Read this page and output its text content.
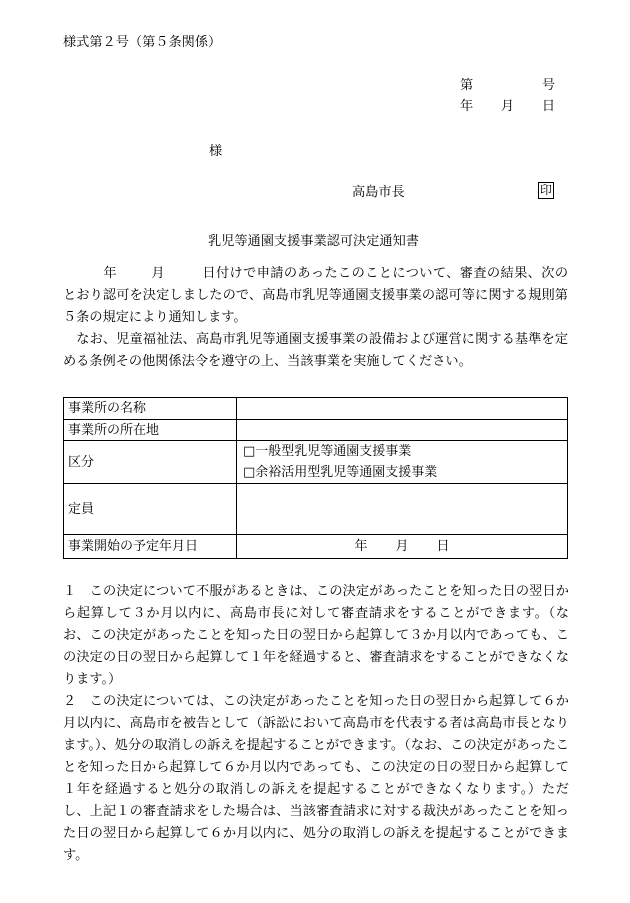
様式第２号（第５条関係）
第	号
年 月 日
様
高島市長	印
乳児等通園支援事業認可決定通知書
年	月	日付けで申請のあったこのことについて、審査の結果、次のとおり認可を決定しましたので、高島市乳児等通園支援事業の認可等に関する規則第５条の規定により通知します。
　なお、児童福祉法、高島市乳児等通園支援事業の設備および運営に関する基準を定める条例その他関係法令を遵守の上、当該事業を実施してください。
事業所の名称	
事業所の所在地	
区分	□一般型乳児等通園支援事業
□余裕活用型乳児等通園支援事業

定員	
事業開始の予定年月日	年 月 日

１　この決定について不服があるときは、この決定があったことを知った日の翌日から起算して３か月以内に、高島市長に対して審査請求をすることができます。（なお、この決定があったことを知った日の翌日から起算して３か月以内であっても、この決定の日の翌日から起算して１年を経過すると、審査請求をすることができなくなります。）

２　この決定については、この決定があったことを知った日の翌日から起算して６か月以内に、高島市を被告として（訴訟において高島市を代表する者は高島市長となります。）、処分の取消しの訴えを提起することができます。（なお、この決定があったことを知った日から起算して６か月以内であっても、この決定の日の翌日から起算して１年を経過すると処分の取消しの訴えを提起することができなくなります。）ただし、上記１の審査請求をした場合は、当該審査請求に対する裁決があったことを知った日の翌日から起算して６か月以内に、処分の取消しの訴えを提起することができます。
